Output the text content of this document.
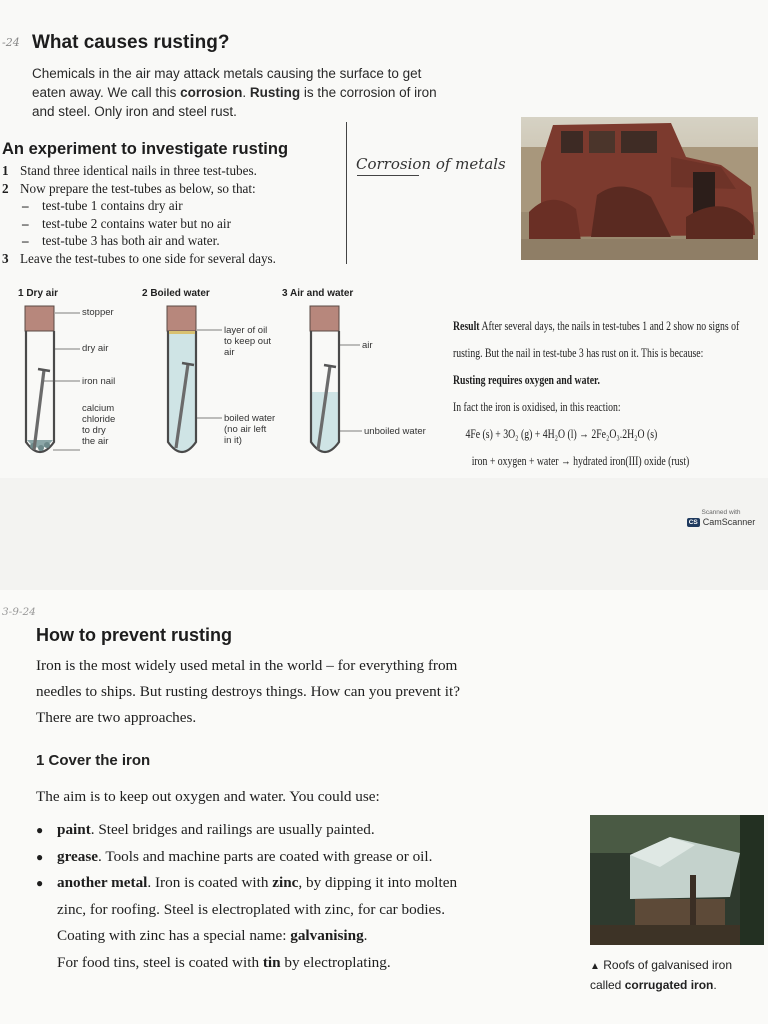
-24 What causes rusting?
Chemicals in the air may attack metals causing the surface to get
eaten away. We call this corrosion. Rusting is the corrosion of iron
and steel. Only iron and steel rust.
An experiment to investigate rusting
1 Stand three identical nails in three test-tubes.
2 Now prepare the test-tubes as below, so that:
– test-tube 1 contains dry air
– test-tube 2 contains water but no air
– test-tube 3 has both air and water.
3 Leave the test-tubes to one side for several days.
Corrosion of metals
1 Dry air	2 Boiled water	3 Air and water
stopper
dry air
iron nail
calcium
chloride
to dry
the air
layer of oil
to keep out
air
boiled water
(no air left
in it)
air
unboiled water
Result After several days, the nails in test-tubes 1 and 2 show no signs of
rusting. But the nail in test-tube 3 has rust on it. This is because:
Rusting requires oxygen and water.
In fact the iron is oxidised, in this reaction:
4Fe (s) + 3O₂ (g) + 4H₂O (l) → 2Fe₂O₃.2H₂O (s)
iron + oxygen + water → hydrated iron(III) oxide (rust)
Scanned with
CS CamScanner
3-9-24
How to prevent rusting
Iron is the most widely used metal in the world – for everything from
needles to ships. But rusting destroys things. How can you prevent it?
There are two approaches.
1 Cover the iron
The aim is to keep out oxygen and water. You could use:
● paint. Steel bridges and railings are usually painted.
● grease. Tools and machine parts are coated with grease or oil.
● another metal. Iron is coated with zinc, by dipping it into molten
zinc, for roofing. Steel is electroplated with zinc, for car bodies.
Coating with zinc has a special name: galvanising.
For food tins, steel is coated with tin by electroplating.	▲ Roofs of galvanised iron
called corrugated iron.
